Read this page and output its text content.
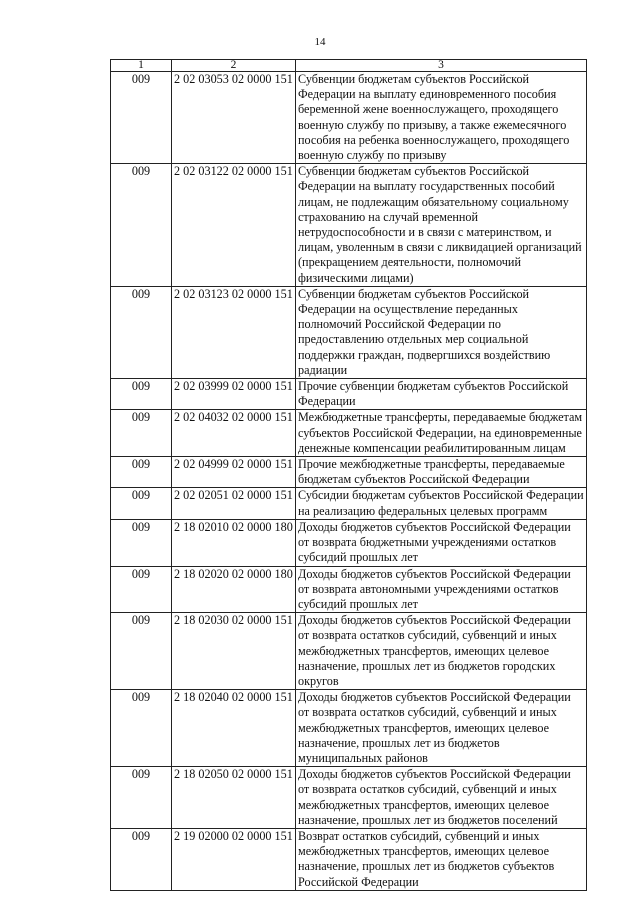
14
1	2	3
009	2 02 03053 02 0000 151	Субвенции бюджетам субъектов Российской Федерации на выплату единовременного пособия беременной жене военнослужащего, проходящего военную службу по призыву, а также ежемесячного пособия на ребенка военнослужащего, проходящего военную службу по призыву
009	2 02 03122 02 0000 151	Субвенции бюджетам субъектов Российской Федерации на выплату государственных пособий лицам, не подлежащим обязательному социальному страхованию на случай временной нетрудоспособности и в связи с материнством, и лицам, уволенным в связи с ликвидацией организаций (прекращением деятельности, полномочий физическими лицами)
009	2 02 03123 02 0000 151	Субвенции бюджетам субъектов Российской Федерации на осуществление переданных полномочий Российской Федерации по предоставлению отдельных мер социальной поддержки граждан, подвергшихся воздействию радиации
009	2 02 03999 02 0000 151	Прочие субвенции бюджетам субъектов Российской Федерации
009	2 02 04032 02 0000 151	Межбюджетные трансферты, передаваемые бюджетам субъектов Российской Федерации, на единовременные денежные компенсации реабилитированным лицам
009	2 02 04999 02 0000 151	Прочие межбюджетные трансферты, передаваемые бюджетам субъектов Российской Федерации
009	2 02 02051 02 0000 151	Субсидии бюджетам субъектов Российской Федерации на реализацию федеральных целевых программ
009	2 18 02010 02 0000 180	Доходы бюджетов субъектов Российской Федерации от возврата бюджетными учреждениями остатков субсидий прошлых лет
009	2 18 02020 02 0000 180	Доходы бюджетов субъектов Российской Федерации от возврата автономными учреждениями остатков субсидий прошлых лет
009	2 18 02030 02 0000 151	Доходы бюджетов субъектов Российской Федерации от возврата остатков субсидий, субвенций и иных межбюджетных трансфертов, имеющих целевое назначение, прошлых лет из бюджетов городских округов
009	2 18 02040 02 0000 151	Доходы бюджетов субъектов Российской Федерации от возврата остатков субсидий, субвенций и иных межбюджетных трансфертов, имеющих целевое назначение, прошлых лет из бюджетов муниципальных районов
009	2 18 02050 02 0000 151	Доходы бюджетов субъектов Российской Федерации от возврата остатков субсидий, субвенций и иных межбюджетных трансфертов, имеющих целевое назначение, прошлых лет из бюджетов поселений
009	2 19 02000 02 0000 151	Возврат остатков субсидий, субвенций и иных межбюджетных трансфертов, имеющих целевое назначение, прошлых лет из бюджетов субъектов Российской Федерации
